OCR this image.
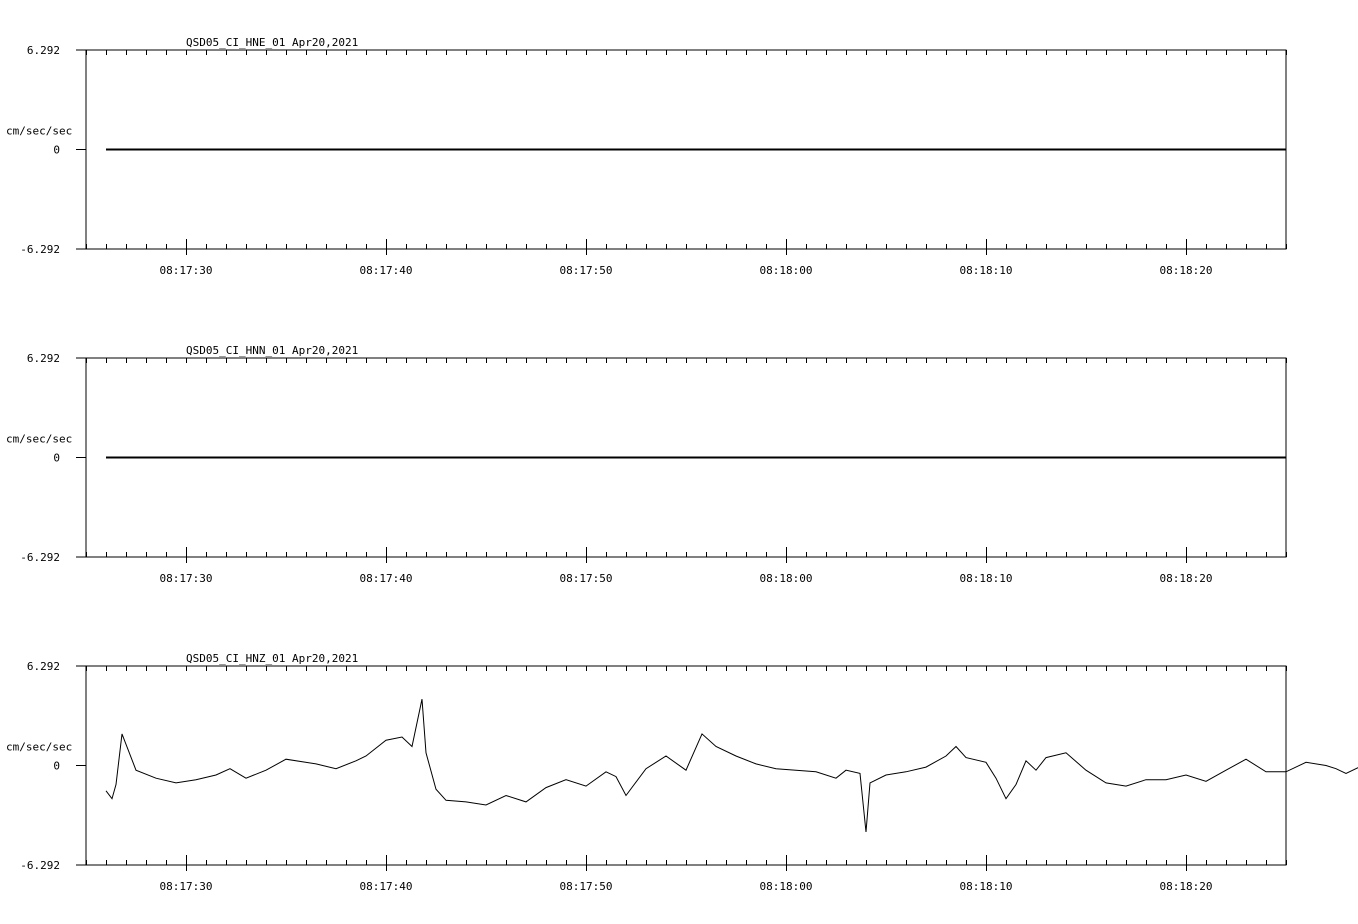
QSD05_CI_HNE_01 Apr20,2021
6.292
0
-6.292
cm/sec/sec
08:17:30	08:17:40	08:17:50	08:18:00	08:18:10	08:18:20
QSD05_CI_HNN_01 Apr20,2021
6.292
0
-6.292
cm/sec/sec
08:17:30	08:17:40	08:17:50	08:18:00	08:18:10	08:18:20
QSD05_CI_HNZ_01 Apr20,2021
6.292
0
-6.292
cm/sec/sec
08:17:30	08:17:40	08:17:50	08:18:00	08:18:10	08:18:20
